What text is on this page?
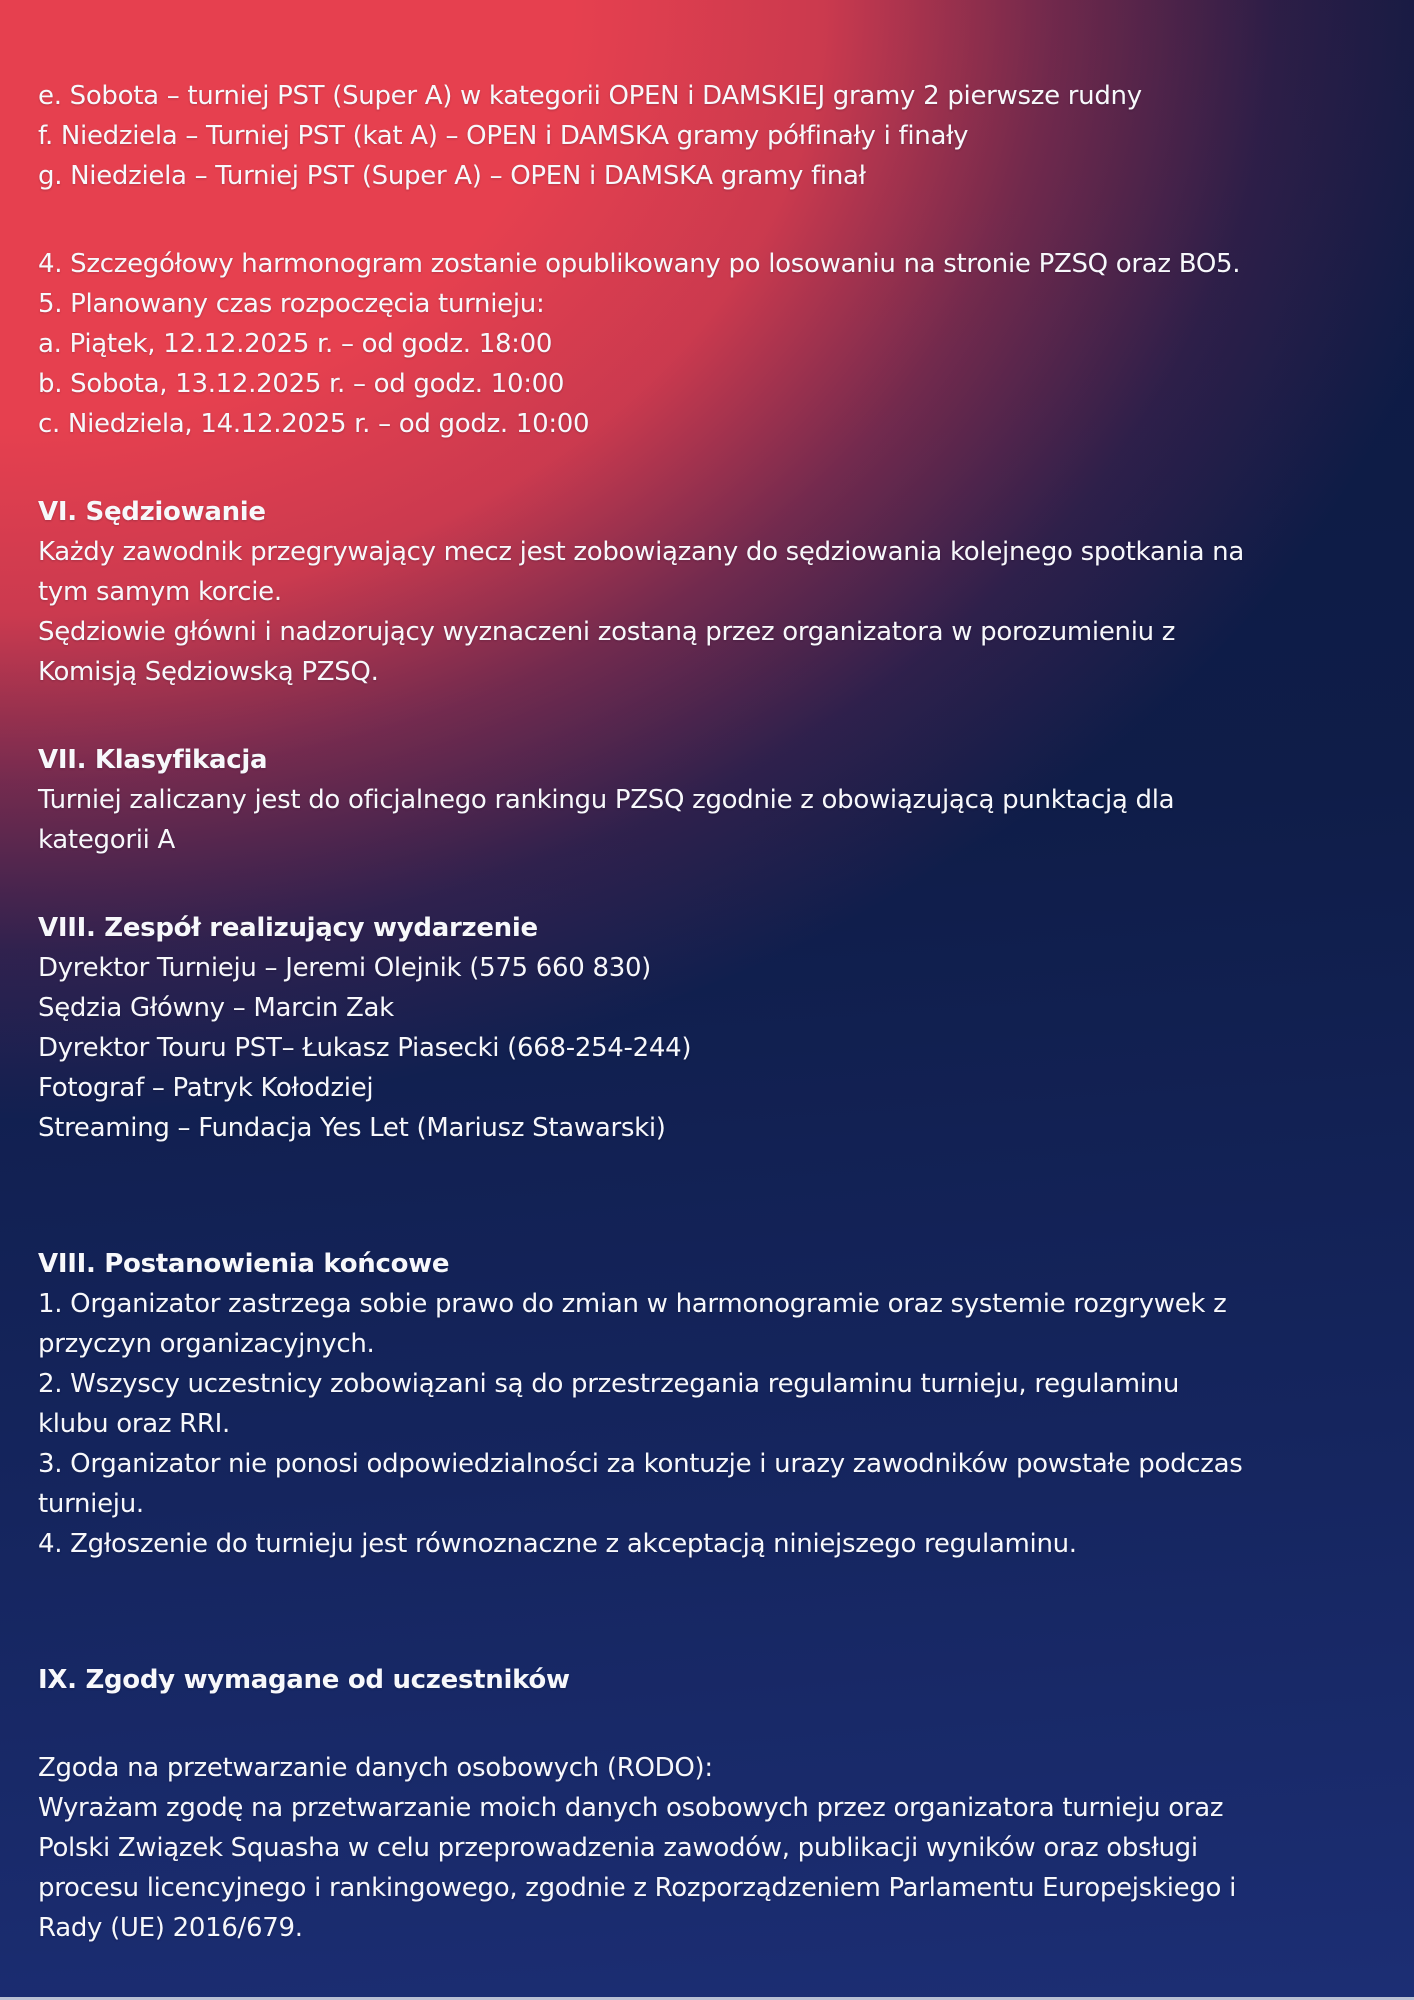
e. Sobota – turniej PST (Super A) w kategorii OPEN i DAMSKIEJ gramy 2 pierwsze rudny
f. Niedziela – Turniej PST (kat A) – OPEN i DAMSKA gramy półfinały i finały
g. Niedziela – Turniej PST (Super A) – OPEN i DAMSKA gramy finał
4. Szczegółowy harmonogram zostanie opublikowany po losowaniu na stronie PZSQ oraz BO5.
5. Planowany czas rozpoczęcia turnieju:
a. Piątek, 12.12.2025 r. – od godz. 18:00
b. Sobota, 13.12.2025 r. – od godz. 10:00
c. Niedziela, 14.12.2025 r. – od godz. 10:00
VI. Sędziowanie
Każdy zawodnik przegrywający mecz jest zobowiązany do sędziowania kolejnego spotkania na
tym samym korcie.
Sędziowie główni i nadzorujący wyznaczeni zostaną przez organizatora w porozumieniu z
Komisją Sędziowską PZSQ.
VII. Klasyfikacja
Turniej zaliczany jest do oficjalnego rankingu PZSQ zgodnie z obowiązującą punktacją dla
kategorii A
VIII. Zespół realizujący wydarzenie
Dyrektor Turnieju – Jeremi Olejnik (575 660 830)
Sędzia Główny – Marcin Zak
Dyrektor Touru PST– Łukasz Piasecki (668-254-244)
Fotograf – Patryk Kołodziej
Streaming – Fundacja Yes Let (Mariusz Stawarski)
VIII. Postanowienia końcowe
1. Organizator zastrzega sobie prawo do zmian w harmonogramie oraz systemie rozgrywek z
przyczyn organizacyjnych.
2. Wszyscy uczestnicy zobowiązani są do przestrzegania regulaminu turnieju, regulaminu
klubu oraz RRI.
3. Organizator nie ponosi odpowiedzialności za kontuzje i urazy zawodników powstałe podczas
turnieju.
4. Zgłoszenie do turnieju jest równoznaczne z akceptacją niniejszego regulaminu.
IX. Zgody wymagane od uczestników
Zgoda na przetwarzanie danych osobowych (RODO):
Wyrażam zgodę na przetwarzanie moich danych osobowych przez organizatora turnieju oraz
Polski Związek Squasha w celu przeprowadzenia zawodów, publikacji wyników oraz obsługi
procesu licencyjnego i rankingowego, zgodnie z Rozporządzeniem Parlamentu Europejskiego i
Rady (UE) 2016/679.
